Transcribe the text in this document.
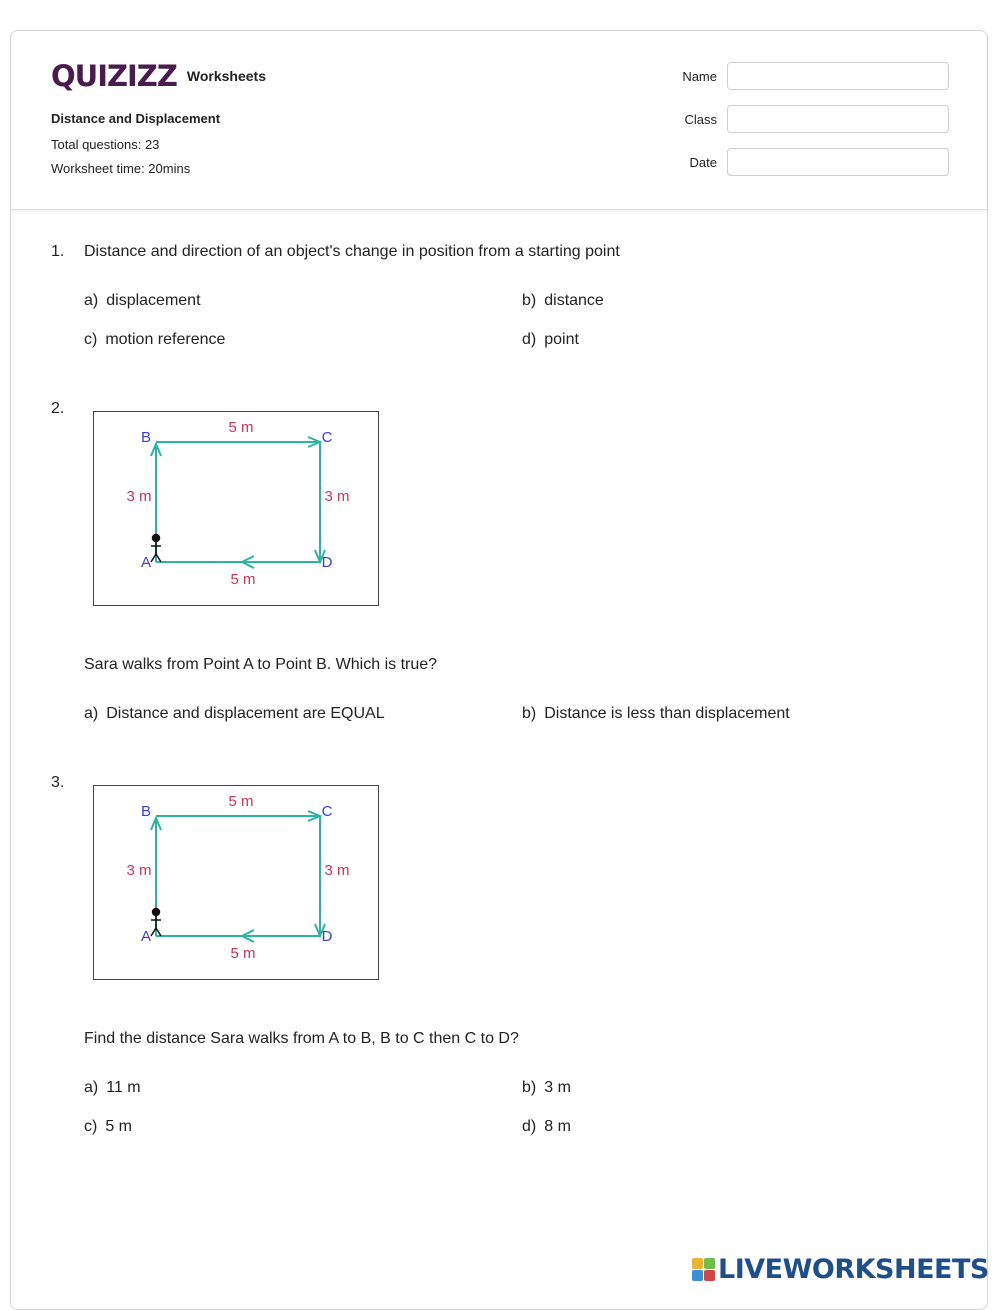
QUIZIZZ Worksheets
Distance and Displacement
Total questions: 23
Worksheet time: 20mins
Name
Class
Date
1. Distance and direction of an object's change in position from a starting point
a) displacement	b) distance
c) motion reference	d) point
2.
5 m
5 m
3 m	3 m
B	C
A	D
Sara walks from Point A to Point B. Which is true?
a) Distance and displacement are EQUAL	b) Distance is less than displacement
3.
5 m
5 m
3 m	3 m
B	C
A	D
Find the distance Sara walks from A to B, B to C then C to D?
a) 11 m	b) 3 m
c) 5 m	d) 8 m
LIVEWORKSHEETS
